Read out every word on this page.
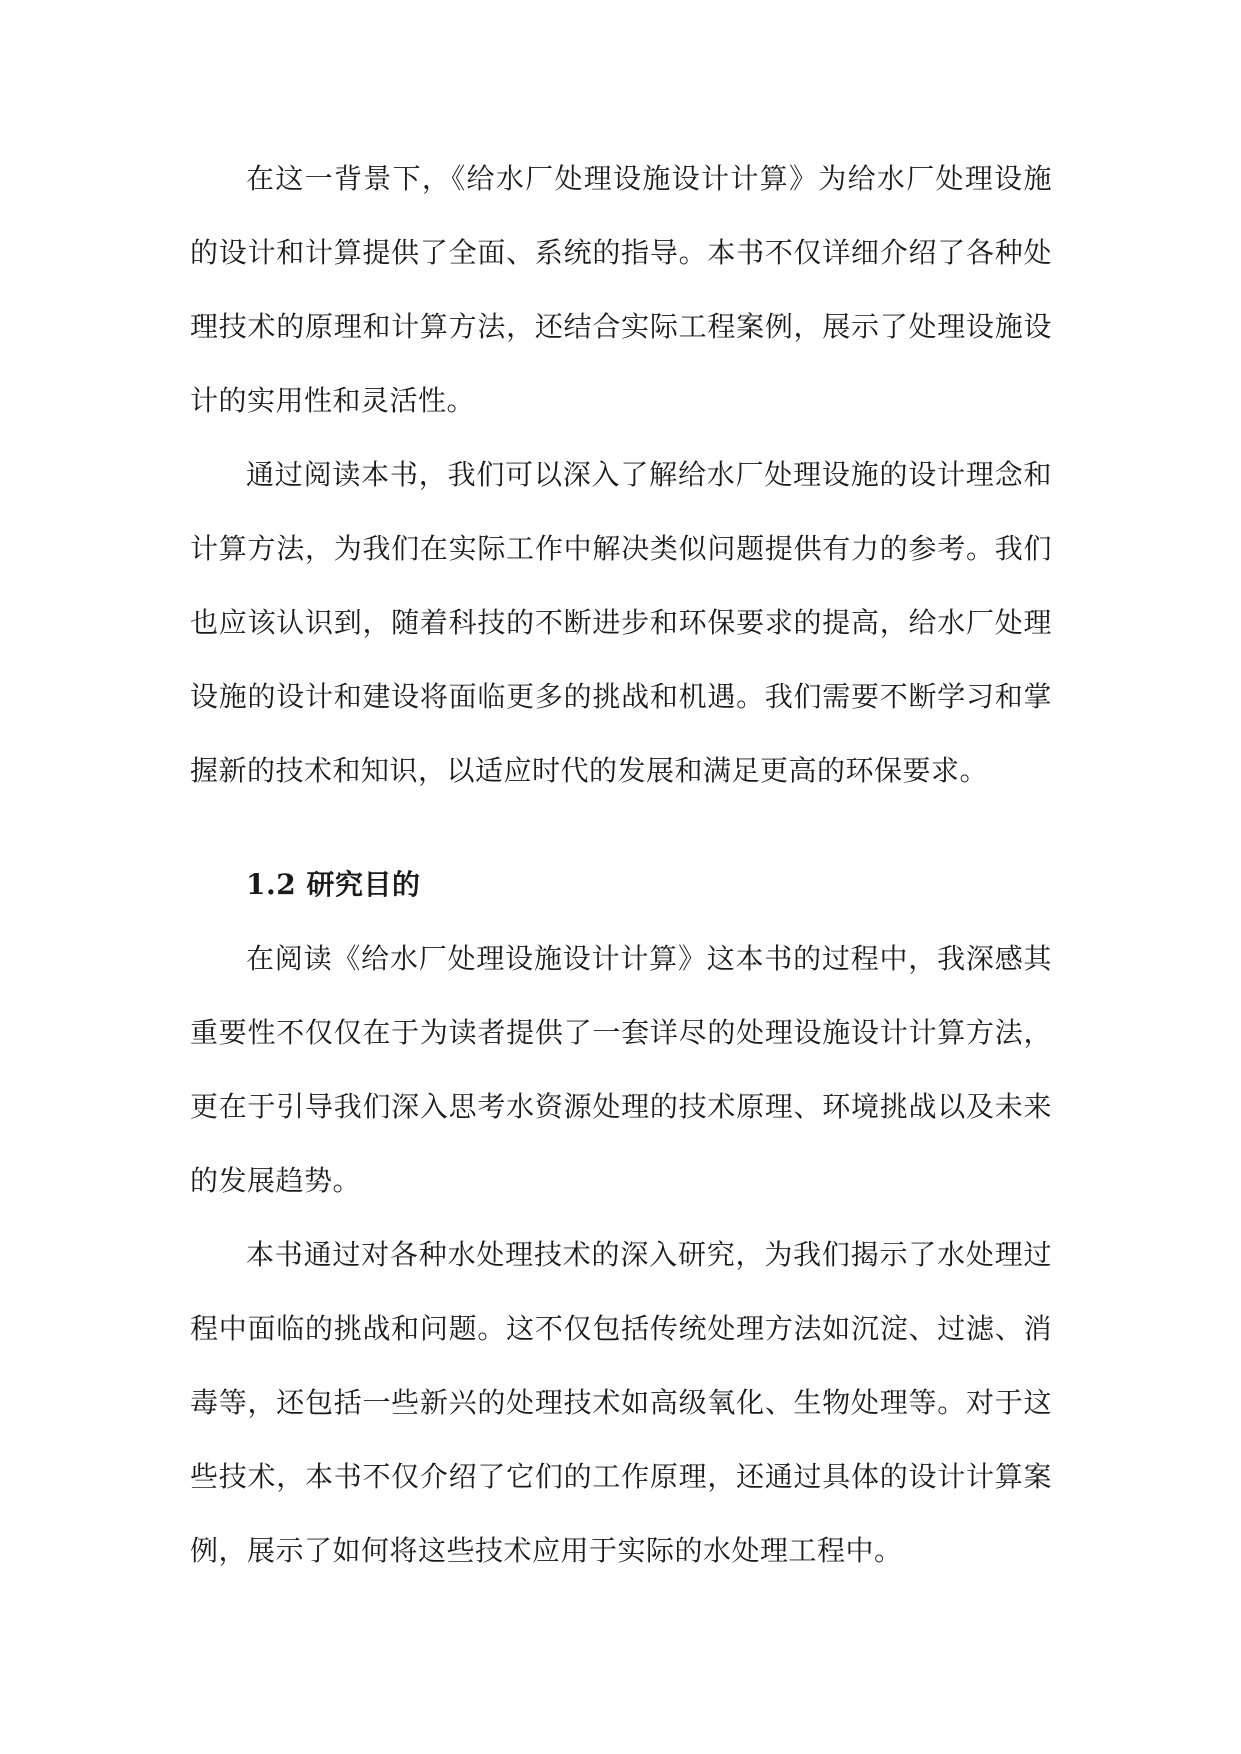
在这一背景下，《给水厂处理设施设计计算》为给水厂处理设施的设计和计算提供了全面、系统的指导。本书不仅详细介绍了各种处理技术的原理和计算方法，还结合实际工程案例，展示了处理设施设计的实用性和灵活性。

通过阅读本书，我们可以深入了解给水厂处理设施的设计理念和计算方法，为我们在实际工作中解决类似问题提供有力的参考。我们也应该认识到，随着科技的不断进步和环保要求的提高，给水厂处理设施的设计和建设将面临更多的挑战和机遇。我们需要不断学习和掌握新的技术和知识，以适应时代的发展和满足更高的环保要求。

1.2 研究目的

在阅读《给水厂处理设施设计计算》这本书的过程中，我深感其重要性不仅仅在于为读者提供了一套详尽的处理设施设计计算方法，更在于引导我们深入思考水资源处理的技术原理、环境挑战以及未来的发展趋势。

本书通过对各种水处理技术的深入研究，为我们揭示了水处理过程中面临的挑战和问题。这不仅包括传统处理方法如沉淀、过滤、消毒等，还包括一些新兴的处理技术如高级氧化、生物处理等。对于这些技术，本书不仅介绍了它们的工作原理，还通过具体的设计计算案例，展示了如何将这些技术应用于实际的水处理工程中。
